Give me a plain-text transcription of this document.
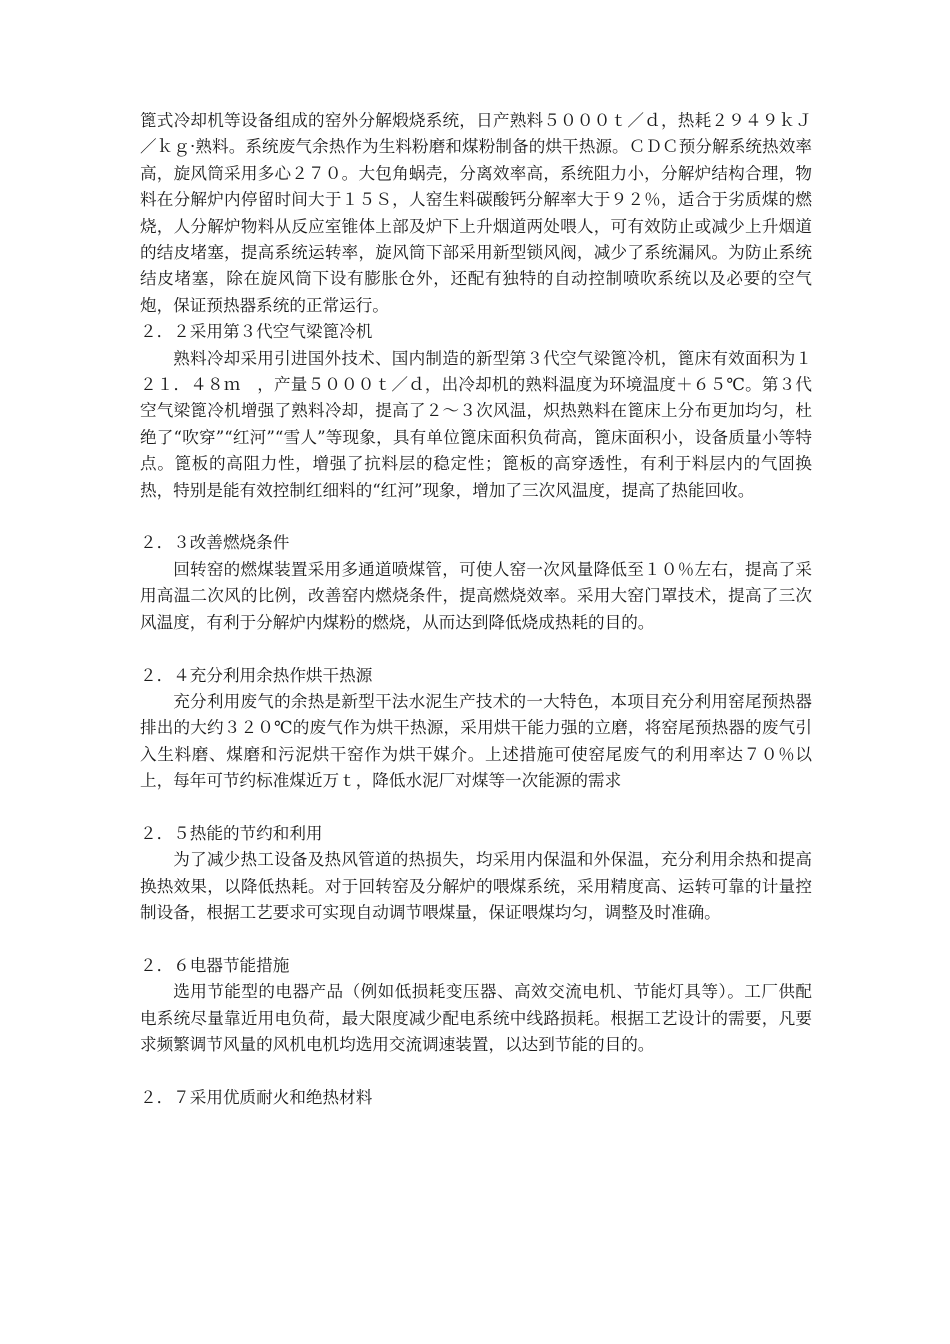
篦式冷却机等设备组成的窑外分解煅烧系统，日产熟料５０００ｔ／ｄ，热耗２９４９ｋＪ／ｋｇ·熟料。系统废气余热作为生料粉磨和煤粉制备的烘干热源。ＣＤＣ预分解系统热效率高，旋风筒采用多心２７０。大包角蜗壳，分离效率高，系统阻力小，分解炉结构合理，物料在分解炉内停留时间大于１５Ｓ，人窑生料碳酸钙分解率大于９２％，适合于劣质煤的燃烧，人分解炉物料从反应室锥体上部及炉下上升烟道两处喂人，可有效防止或减少上升烟道的结皮堵塞，提高系统运转率，旋风筒下部采用新型锁风阀，减少了系统漏风。为防止系统结皮堵塞，除在旋风筒下设有膨胀仓外，还配有独特的自动控制喷吹系统以及必要的空气炮，保证预热器系统的正常运行。

２．２采用第３代空气梁篦冷机

熟料冷却采用引进国外技术、国内制造的新型第３代空气梁篦冷机，篦床有效面积为１２１．４８ｍ　，产量５０００ｔ／ｄ，出冷却机的熟料温度为环境温度＋６５℃。第３代空气梁篦冷机增强了熟料冷却，提高了２～３次风温，炽热熟料在篦床上分布更加均匀，杜绝了“吹穿”“红河”“雪人”等现象，具有单位篦床面积负荷高，篦床面积小，设备质量小等特点。篦板的高阻力性，增强了抗料层的稳定性；篦板的高穿透性，有利于料层内的气固换热，特别是能有效控制红细料的“红河”现象，增加了三次风温度，提高了热能回收。

２．３改善燃烧条件

回转窑的燃煤装置采用多通道喷煤管，可使人窑一次风量降低至１０％左右，提高了采用高温二次风的比例，改善窑内燃烧条件，提高燃烧效率。采用大窑门罩技术，提高了三次风温度，有利于分解炉内煤粉的燃烧，从而达到降低烧成热耗的目的。

２．４充分利用余热作烘干热源

充分利用废气的余热是新型干法水泥生产技术的一大特色，本项目充分利用窑尾预热器排出的大约３２０℃的废气作为烘干热源，采用烘干能力强的立磨，将窑尾预热器的废气引入生料磨、煤磨和污泥烘干窑作为烘干媒介。上述措施可使窑尾废气的利用率达７０％以上，每年可节约标准煤近万ｔ，降低水泥厂对煤等一次能源的需求

２．５热能的节约和利用

为了减少热工设备及热风管道的热损失，均采用内保温和外保温，充分利用余热和提高换热效果，以降低热耗。对于回转窑及分解炉的喂煤系统，采用精度高、运转可靠的计量控制设备，根据工艺要求可实现自动调节喂煤量，保证喂煤均匀，调整及时准确。

２．６电器节能措施

选用节能型的电器产品（例如低损耗变压器、高效交流电机、节能灯具等）。工厂供配电系统尽量靠近用电负荷，最大限度减少配电系统中线路损耗。根据工艺设计的需要，凡要求频繁调节风量的风机电机均选用交流调速装置，以达到节能的目的。

２．７采用优质耐火和绝热材料
